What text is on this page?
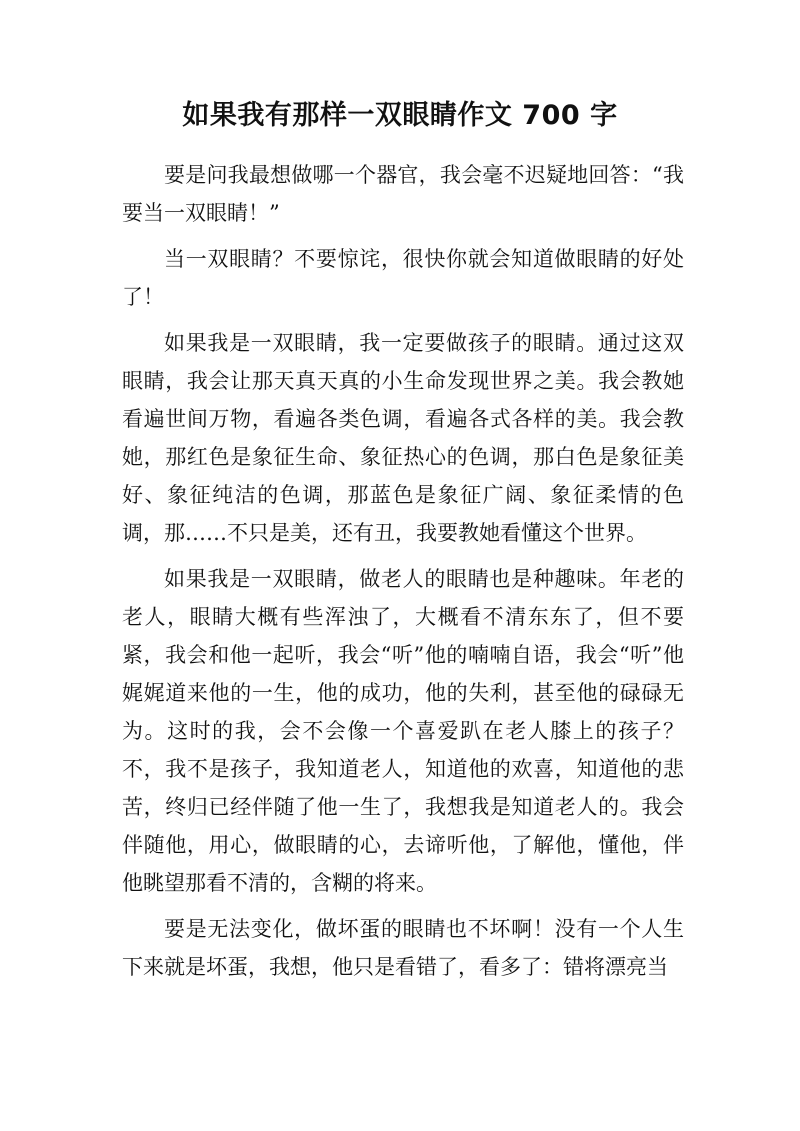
如果我有那样一双眼睛作文 700 字

要是问我最想做哪一个器官，我会毫不迟疑地回答：“我要当一双眼睛！”

当一双眼睛？不要惊诧，很快你就会知道做眼睛的好处了！

如果我是一双眼睛，我一定要做孩子的眼睛。通过这双眼睛，我会让那天真天真的小生命发现世界之美。我会教她看遍世间万物，看遍各类色调，看遍各式各样的美。我会教她，那红色是象征生命、象征热心的色调，那白色是象征美好、象征纯洁的色调，那蓝色是象征广阔、象征柔情的色调，那……不只是美，还有丑，我要教她看懂这个世界。

如果我是一双眼睛，做老人的眼睛也是种趣味。年老的老人，眼睛大概有些浑浊了，大概看不清东东了，但不要紧，我会和他一起听，我会“听”他的喃喃自语，我会“听”他娓娓道来他的一生，他的成功，他的失利，甚至他的碌碌无为。这时的我，会不会像一个喜爱趴在老人膝上的孩子？不，我不是孩子，我知道老人，知道他的欢喜，知道他的悲苦，终归已经伴随了他一生了，我想我是知道老人的。我会伴随他，用心，做眼睛的心，去谛听他，了解他，懂他，伴他眺望那看不清的，含糊的将来。

要是无法变化，做坏蛋的眼睛也不坏啊！没有一个人生下来就是坏蛋，我想，他只是看错了，看多了：错将漂亮当
